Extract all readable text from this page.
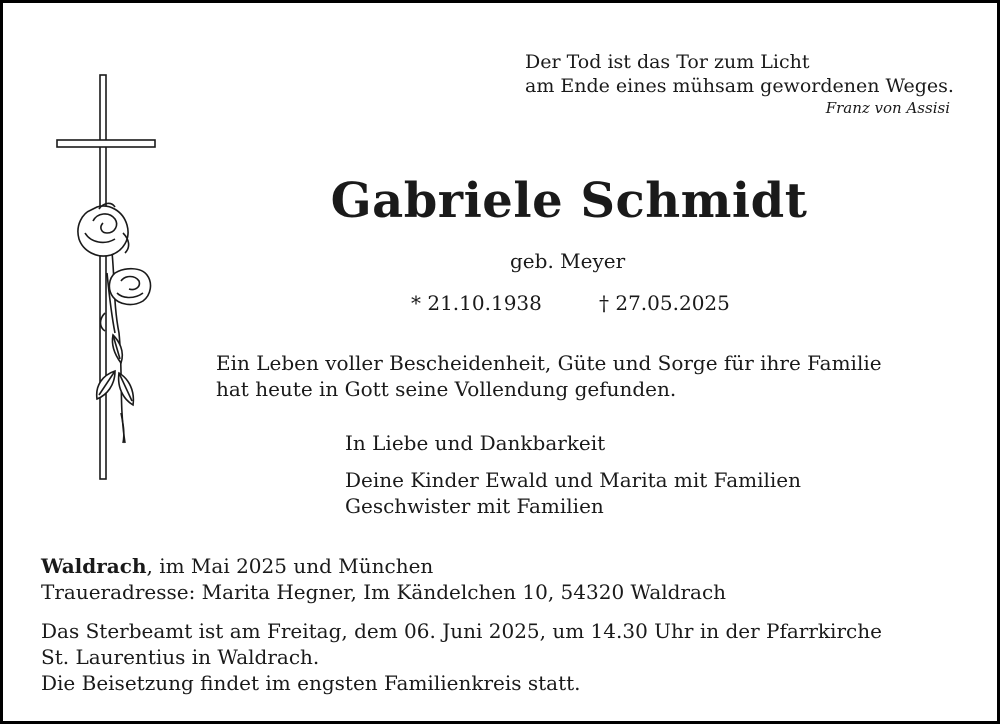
Der Tod ist das Tor zum Licht
am Ende eines mühsam gewordenen Weges.
Franz von Assisi
Gabriele Schmidt
geb. Meyer
* 21.10.1938	† 27.05.2025
Ein Leben voller Bescheidenheit, Güte und Sorge für ihre Familie
hat heute in Gott seine Vollendung gefunden.
In Liebe und Dankbarkeit
Deine Kinder Ewald und Marita mit Familien
Geschwister mit Familien
Waldrach, im Mai 2025 und München
Traueradresse: Marita Hegner, Im Kändelchen 10, 54320 Waldrach
Das Sterbeamt ist am Freitag, dem 06. Juni 2025, um 14.30 Uhr in der Pfarrkirche
St. Laurentius in Waldrach.
Die Beisetzung findet im engsten Familienkreis statt.
